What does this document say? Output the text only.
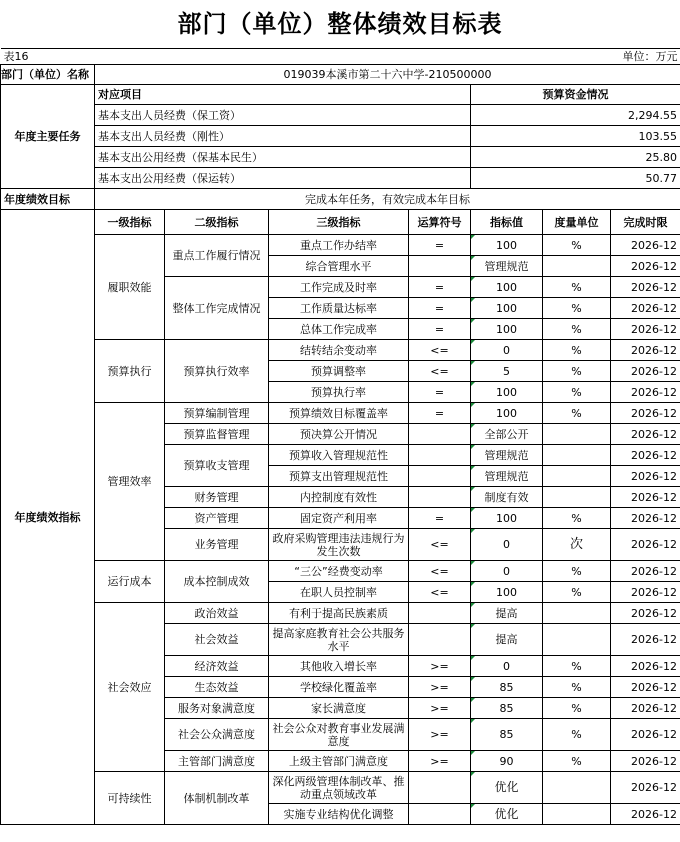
部门（单位）整体绩效目标表
表16						单位：万元	
部门（单位）名称	019039本溪市第二十六中学-210500000						
年度主要任务	对应项目				预算资金情况		
	基本支出人员经费（保工资）				2,294.55		
	基本支出人员经费（刚性）				103.55		
	基本支出公用经费（保基本民生）				25.80		
	基本支出公用经费（保运转）				50.77		
年度绩效目标	完成本年任务，有效完成本年目标						
年度绩效指标	一级指标	二级指标	三级指标	运算符号	指标值	度量单位	完成时限
	履职效能	重点工作履行情况	重点工作办结率	=	100	%	2026-12
			综合管理水平		管理规范		2026-12
		整体工作完成情况	工作完成及时率	=	100	%	2026-12
			工作质量达标率	=	100	%	2026-12
			总体工作完成率	=	100	%	2026-12
	预算执行	预算执行效率	结转结余变动率	<=	0	%	2026-12
			预算调整率	<=	5	%	2026-12
			预算执行率	=	100	%	2026-12
	管理效率	预算编制管理	预算绩效目标覆盖率	=	100	%	2026-12
		预算监督管理	预决算公开情况		全部公开		2026-12
		预算收支管理	预算收入管理规范性		管理规范		2026-12
			预算支出管理规范性		管理规范		2026-12
		财务管理	内控制度有效性		制度有效		2026-12
		资产管理	固定资产利用率	=	100	%	2026-12
		业务管理	政府采购管理违法违规行为发生次数	<=	0	次	2026-12
	运行成本	成本控制成效	“三公”经费变动率	<=	0	%	2026-12
			在职人员控制率	<=	100	%	2026-12
	社会效应	政治效益	有利于提高民族素质		提高		2026-12
		社会效益	提高家庭教育社会公共服务水平		提高		2026-12
		经济效益	其他收入增长率	>=	0	%	2026-12
		生态效益	学校绿化覆盖率	>=	85	%	2026-12
		服务对象满意度	家长满意度	>=	85	%	2026-12
		社会公众满意度	社会公众对教育事业发展满意度	>=	85	%	2026-12
		主管部门满意度	上级主管部门满意度	>=	90	%	2026-12
	可持续性	体制机制改革	深化两级管理体制改革、推动重点领域改革		优化		2026-12
			实施专业结构优化调整		优化		2026-12
